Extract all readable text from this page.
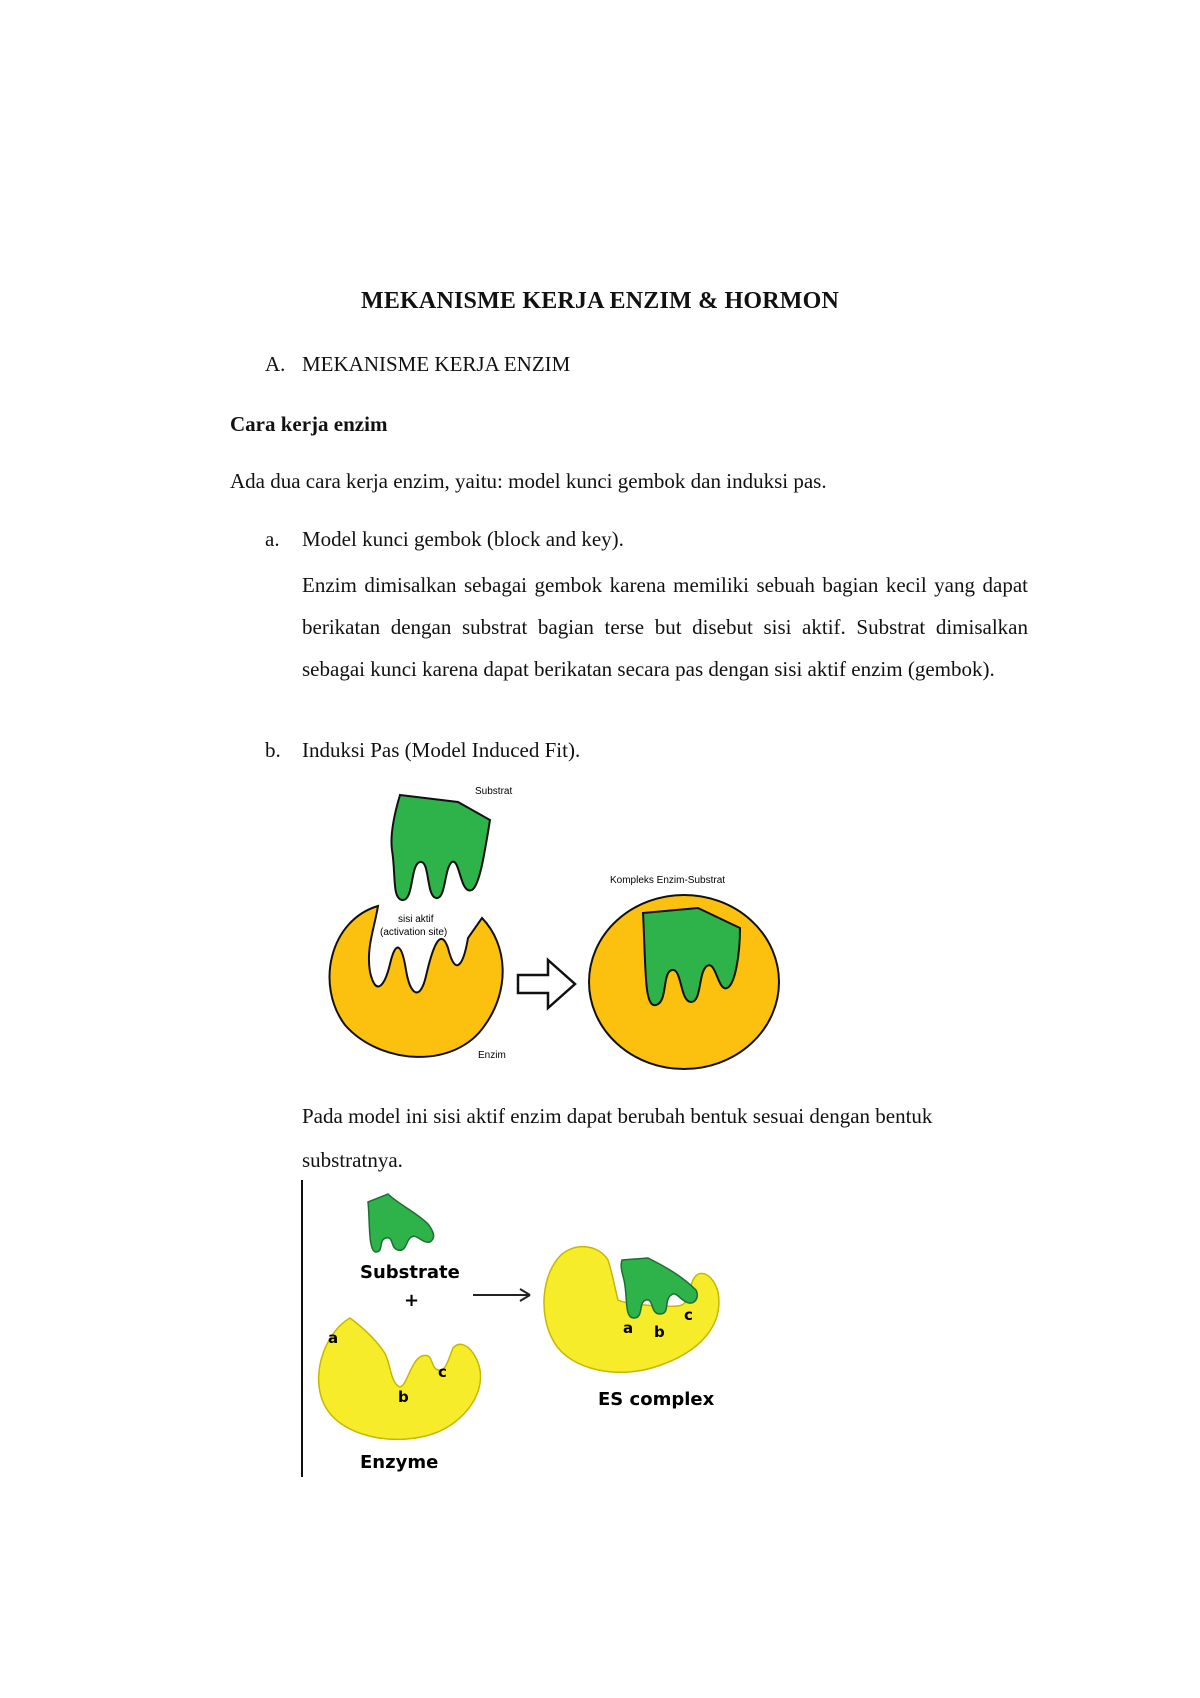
MEKANISME KERJA ENZIM & HORMON
A. MEKANISME KERJA ENZIM
Cara kerja enzim
Ada dua cara kerja enzim, yaitu: model kunci gembok dan induksi pas.
a. Model kunci gembok (block and key).
Enzim dimisalkan sebagai gembok karena memiliki sebuah bagian kecil yang dapat berikatan dengan substrat bagian terse but disebut sisi aktif. Substrat dimisalkan sebagai kunci karena dapat berikatan secara pas dengan sisi aktif enzim (gembok).
b. Induksi Pas (Model Induced Fit).
Substrat
sisi aktif
(activation site)
Enzim
Kompleks Enzim-Substrat
Pada model ini sisi aktif enzim dapat berubah bentuk sesuai dengan bentuk substratnya.
Substrate
+
a
b
c
Enzyme
a b
c
ES complex
